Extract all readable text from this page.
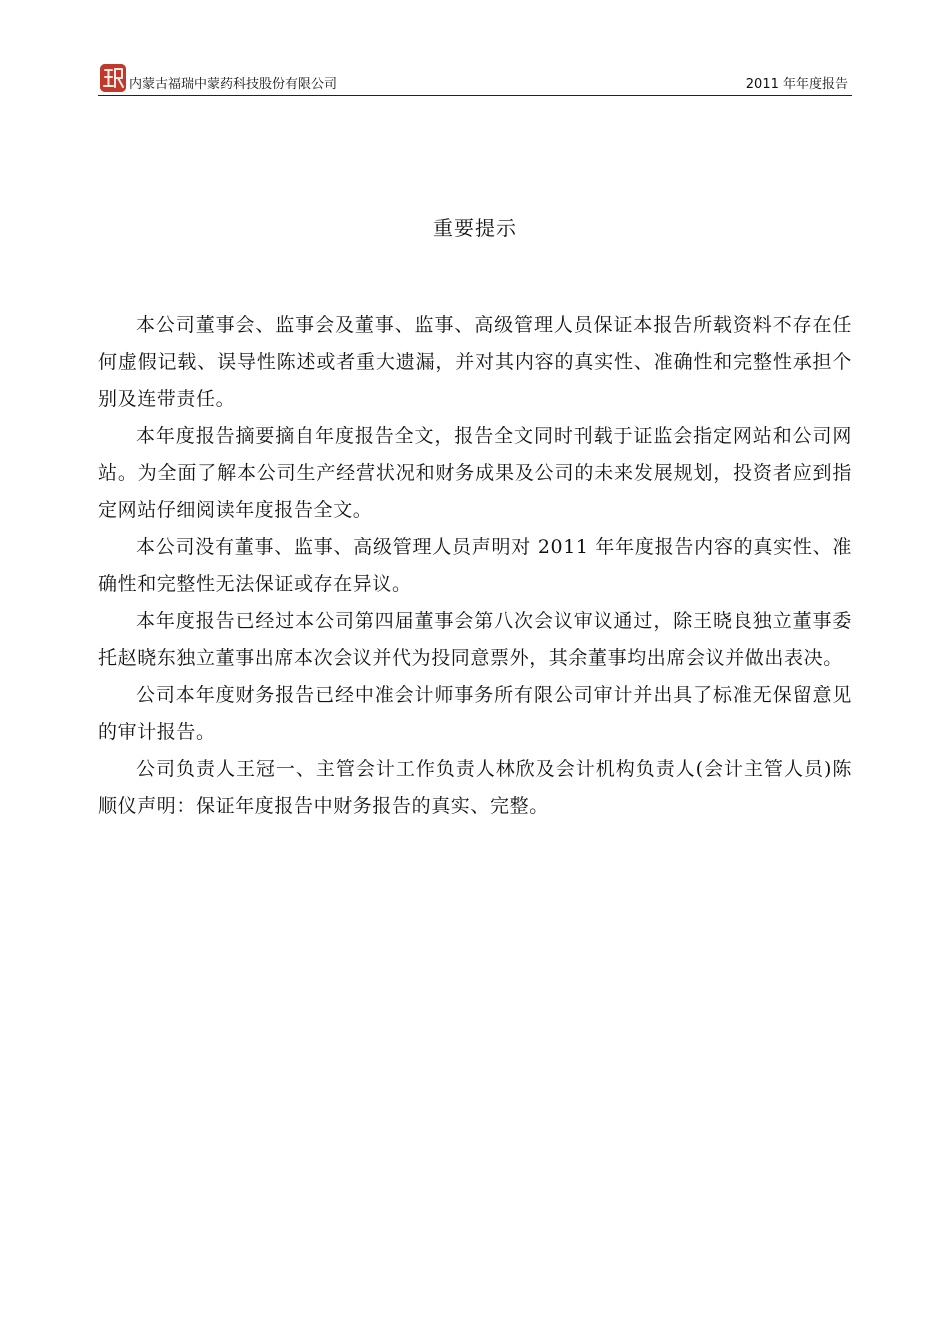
内蒙古福瑞中蒙药科技股份有限公司	2011 年年度报告
重要提示

本公司董事会、监事会及董事、监事、高级管理人员保证本报告所载资料不存在任何虚假记载、误导性陈述或者重大遗漏，并对其内容的真实性、准确性和完整性承担个别及连带责任。

本年度报告摘要摘自年度报告全文，报告全文同时刊载于证监会指定网站和公司网站。为全面了解本公司生产经营状况和财务成果及公司的未来发展规划，投资者应到指定网站仔细阅读年度报告全文。

本公司没有董事、监事、高级管理人员声明对 2011 年年度报告内容的真实性、准确性和完整性无法保证或存在异议。

本年度报告已经过本公司第四届董事会第八次会议审议通过，除王晓良独立董事委托赵晓东独立董事出席本次会议并代为投同意票外，其余董事均出席会议并做出表决。

公司本年度财务报告已经中准会计师事务所有限公司审计并出具了标准无保留意见的审计报告。

公司负责人王冠一、主管会计工作负责人林欣及会计机构负责人(会计主管人员)陈顺仪声明：保证年度报告中财务报告的真实、完整。
